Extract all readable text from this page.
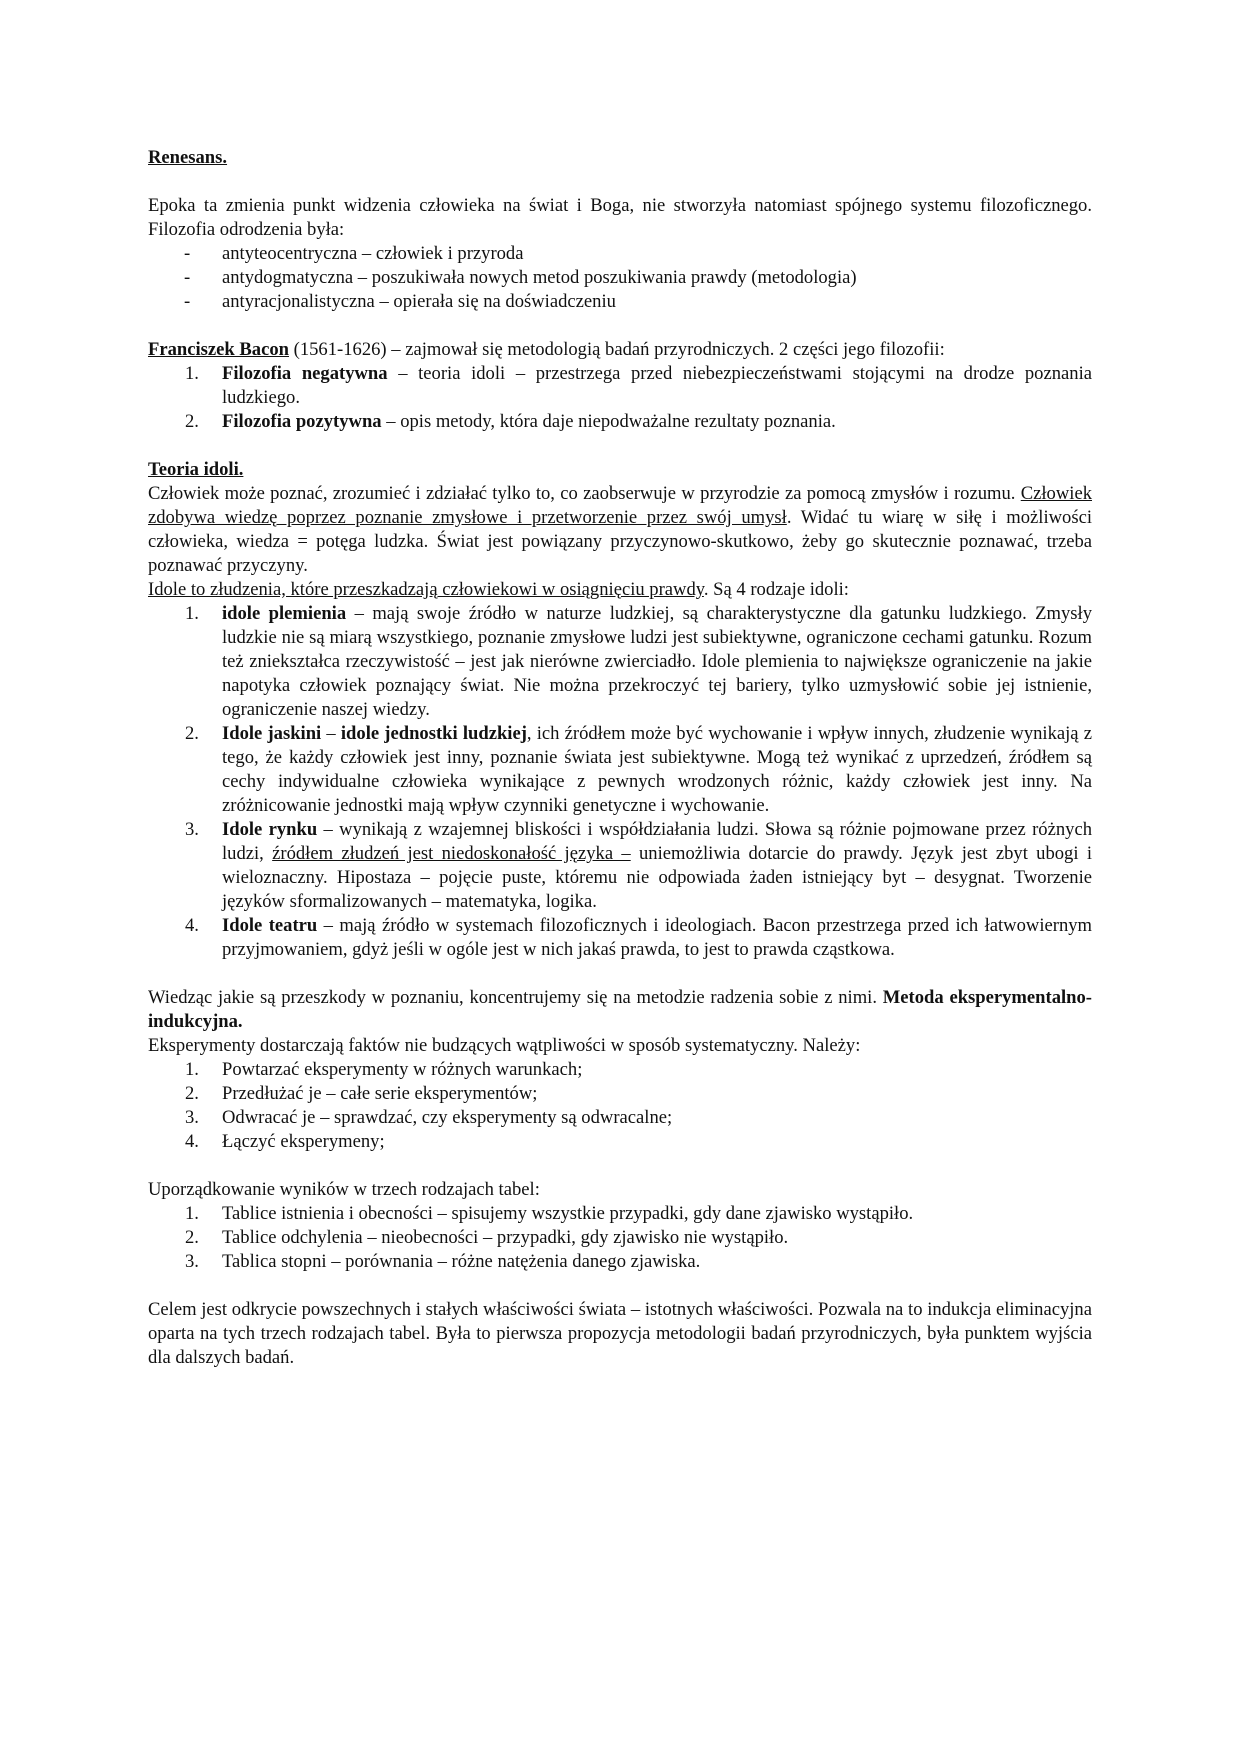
Renesans.

Epoka ta zmienia punkt widzenia człowieka na świat i Boga, nie stworzyła natomiast spójnego systemu filozoficznego. Filozofia odrodzenia była:

- antyteocentryczna – człowiek i przyroda
- antydogmatyczna – poszukiwała nowych metod poszukiwania prawdy (metodologia)
- antyracjonalistyczna – opierała się na doświadczeniu

Franciszek Bacon (1561-1626) – zajmował się metodologią badań przyrodniczych. 2 części jego filozofii:

1. Filozofia negatywna – teoria idoli – przestrzega przed niebezpieczeństwami stojącymi na drodze poznania ludzkiego.
2. Filozofia pozytywna – opis metody, która daje niepodważalne rezultaty poznania.

Teoria idoli.

Człowiek może poznać, zrozumieć i zdziałać tylko to, co zaobserwuje w przyrodzie za pomocą zmysłów i rozumu. Człowiek zdobywa wiedzę poprzez poznanie zmysłowe i przetworzenie przez swój umysł. Widać tu wiarę w siłę i możliwości człowieka, wiedza = potęga ludzka. Świat jest powiązany przyczynowo-skutkowo, żeby go skutecznie poznawać, trzeba poznawać przyczyny.

Idole to złudzenia, które przeszkadzają człowiekowi w osiągnięciu prawdy. Są 4 rodzaje idoli:

1. idole plemienia – mają swoje źródło w naturze ludzkiej, są charakterystyczne dla gatunku ludzkiego. Zmysły ludzkie nie są miarą wszystkiego, poznanie zmysłowe ludzi jest subiektywne, ograniczone cechami gatunku. Rozum też zniekształca rzeczywistość – jest jak nierówne zwierciadło. Idole plemienia to największe ograniczenie na jakie napotyka człowiek poznający świat. Nie można przekroczyć tej bariery, tylko uzmysłowić sobie jej istnienie, ograniczenie naszej wiedzy.
2. Idole jaskini – idole jednostki ludzkiej, ich źródłem może być wychowanie i wpływ innych, złudzenie wynikają z tego, że każdy człowiek jest inny, poznanie świata jest subiektywne. Mogą też wynikać z uprzedzeń, źródłem są cechy indywidualne człowieka wynikające z pewnych wrodzonych różnic, każdy człowiek jest inny. Na zróżnicowanie jednostki mają wpływ czynniki genetyczne i wychowanie.
3. Idole rynku – wynikają z wzajemnej bliskości i współdziałania ludzi. Słowa są różnie pojmowane przez różnych ludzi, źródłem złudzeń jest niedoskonałość języka – uniemożliwia dotarcie do prawdy. Język jest zbyt ubogi i wieloznaczny. Hipostaza – pojęcie puste, któremu nie odpowiada żaden istniejący byt – desygnat. Tworzenie języków sformalizowanych – matematyka, logika.
4. Idole teatru – mają źródło w systemach filozoficznych i ideologiach. Bacon przestrzega przed ich łatwowiernym przyjmowaniem, gdyż jeśli w ogóle jest w nich jakaś prawda, to jest to prawda cząstkowa.

Wiedząc jakie są przeszkody w poznaniu, koncentrujemy się na metodzie radzenia sobie z nimi. Metoda eksperymentalno-indukcyjna.

Eksperymenty dostarczają faktów nie budzących wątpliwości w sposób systematyczny. Należy:

1. Powtarzać eksperymenty w różnych warunkach;
2. Przedłużać je – całe serie eksperymentów;
3. Odwracać je – sprawdzać, czy eksperymenty są odwracalne;
4. Łączyć eksperymeny;

Uporządkowanie wyników w trzech rodzajach tabel:

1. Tablice istnienia i obecności – spisujemy wszystkie przypadki, gdy dane zjawisko wystąpiło.
2. Tablice odchylenia – nieobecności – przypadki, gdy zjawisko nie wystąpiło.
3. Tablica stopni – porównania – różne natężenia danego zjawiska.

Celem jest odkrycie powszechnych i stałych właściwości świata – istotnych właściwości. Pozwala na to indukcja eliminacyjna oparta na tych trzech rodzajach tabel. Była to pierwsza propozycja metodologii badań przyrodniczych, była punktem wyjścia dla dalszych badań.
